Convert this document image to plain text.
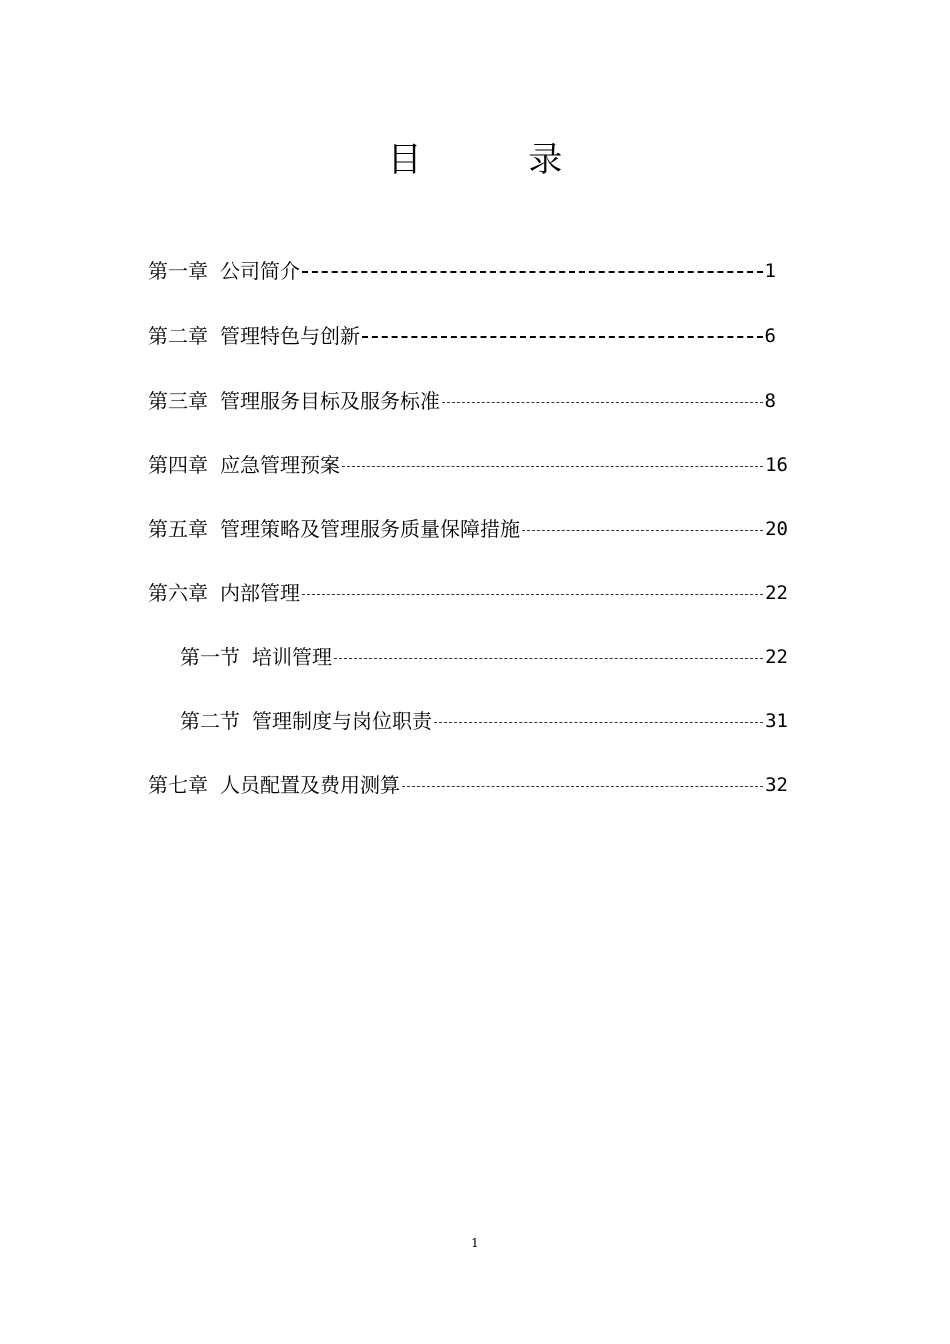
目 录
第一章 公司简介	1
第二章 管理特色与创新	6
第三章 管理服务目标及服务标准	8
第四章 应急管理预案	16
第五章 管理策略及管理服务质量保障措施	20
第六章 内部管理	22
第一节 培训管理	22
第二节 管理制度与岗位职责	31
第七章 人员配置及费用测算	32
1
